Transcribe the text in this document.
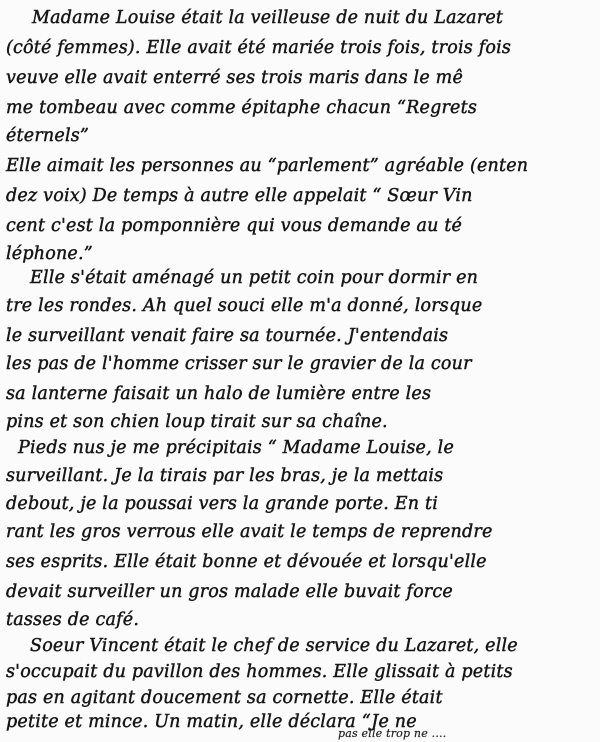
Madame Louise était la veilleuse de nuit du Lazaret
(côté femmes). Elle avait été mariée trois fois, trois fois
veuve elle avait enterré ses trois maris dans le mê
me tombeau avec comme épitaphe chacun “Regrets
éternels”
Elle aimait les personnes au “parlement” agréable (enten
dez voix) De temps à autre elle appelait “ Sœur Vin
cent c'est la pomponnière qui vous demande au té
léphone.”
Elle s'était aménagé un petit coin pour dormir en
tre les rondes. Ah quel souci elle m'a donné, lorsque
le surveillant venait faire sa tournée. J'entendais
les pas de l'homme crisser sur le gravier de la cour
sa lanterne faisait un halo de lumière entre les
pins et son chien loup tirait sur sa chaîne.
Pieds nus je me précipitais “ Madame Louise, le
surveillant. Je la tirais par les bras, je la mettais
debout, je la poussai vers la grande porte. En ti
rant les gros verrous elle avait le temps de reprendre
ses esprits. Elle était bonne et dévouée et lorsqu'elle
devait surveiller un gros malade elle buvait force
tasses de café.
Soeur Vincent était le chef de service du Lazaret, elle
s'occupait du pavillon des hommes. Elle glissait à petits
pas en agitant doucement sa cornette. Elle était
petite et mince. Un matin, elle déclara “Je ne
pas elle trop ne ....
